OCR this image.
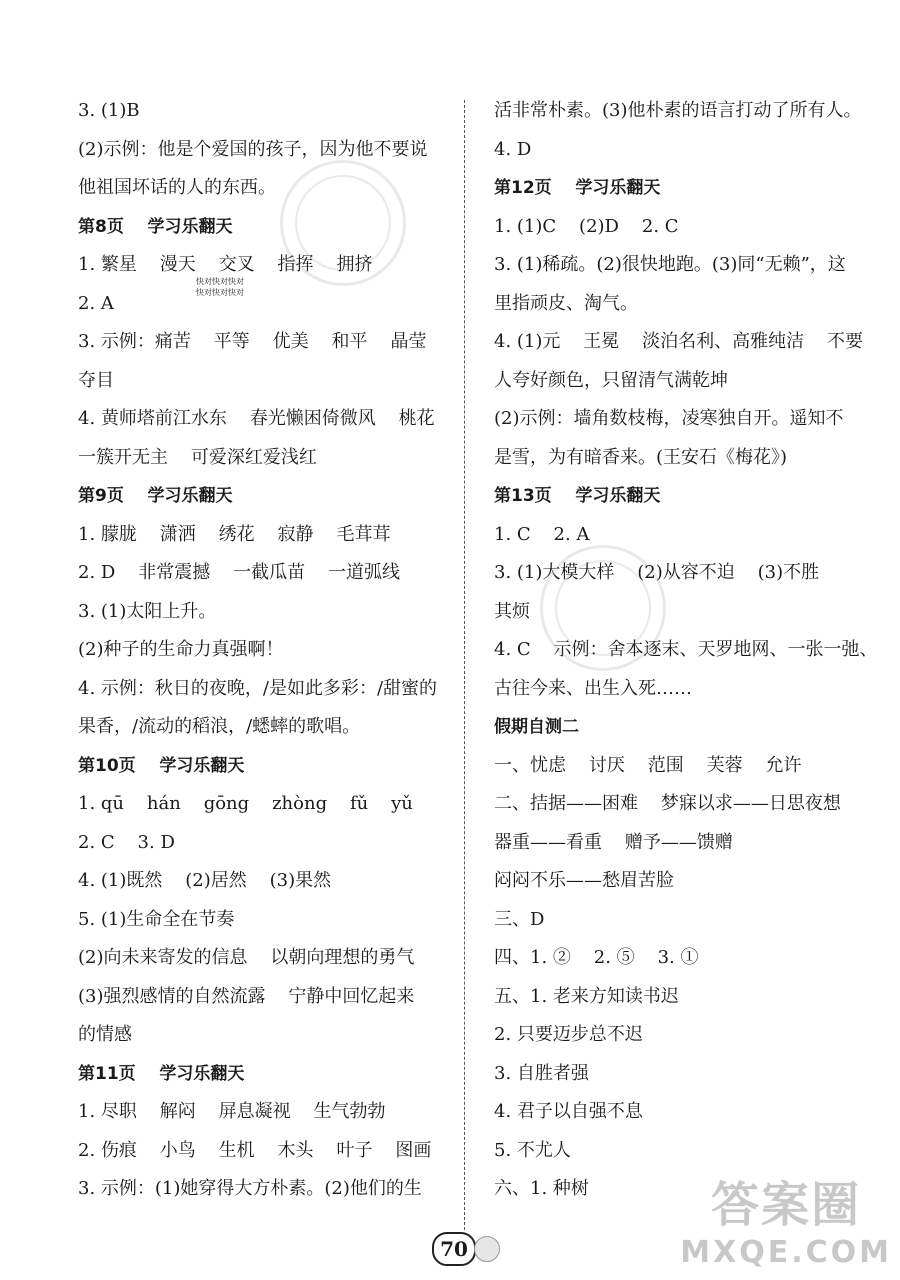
3. (1)B
(2)示例：他是个爱国的孩子，因为他不要说
他祖国坏话的人的东西。
第8页    学习乐翻天
1. 繁星    漫天    交叉    指挥    拥挤
2. A
3. 示例：痛苦    平等    优美    和平    晶莹
夺目
4. 黄师塔前江水东    春光懒困倚微风    桃花
一簇开无主    可爱深红爱浅红
第9页    学习乐翻天
1. 朦胧    潇洒    绣花    寂静    毛茸茸
2. D    非常震撼    一截瓜苗    一道弧线
3. (1)太阳上升。
(2)种子的生命力真强啊！
4. 示例：秋日的夜晚，/是如此多彩：/甜蜜的
果香，/流动的稻浪，/蟋蟀的歌唱。
第10页    学习乐翻天
1. qū    hán    gōng    zhòng    fǔ    yǔ
2. C    3. D
4. (1)既然    (2)居然    (3)果然
5. (1)生命全在节奏
(2)向未来寄发的信息    以朝向理想的勇气
(3)强烈感情的自然流露    宁静中回忆起来
的情感
第11页    学习乐翻天
1. 尽职    解闷    屏息凝视    生气勃勃
2. 伤痕    小鸟    生机    木头    叶子    图画
3. 示例：(1)她穿得大方朴素。(2)他们的生
活非常朴素。(3)他朴素的语言打动了所有人。
4. D
第12页    学习乐翻天
1. (1)C    (2)D    2. C
3. (1)稀疏。(2)很快地跑。(3)同“无赖”，这
里指顽皮、淘气。
4. (1)元    王冕    淡泊名利、高雅纯洁    不要
人夸好颜色，只留清气满乾坤
(2)示例：墙角数枝梅，凌寒独自开。遥知不
是雪，为有暗香来。(王安石《梅花》)
第13页    学习乐翻天
1. C    2. A
3. (1)大模大样    (2)从容不迫    (3)不胜
其烦
4. C    示例：舍本逐末、天罗地网、一张一弛、
古往今来、出生入死……
假期自测二
一、忧虑    讨厌    范围    芙蓉    允许
二、拮据——困难    梦寐以求——日思夜想
器重——看重    赠予——馈赠
闷闷不乐——愁眉苦脸
三、D
四、1. ②    2. ⑤    3. ①
五、1. 老来方知读书迟
2. 只要迈步总不迟
3. 自胜者强
4. 君子以自强不息
5. 不尤人
六、1. 种树
快对快对快对
快对快对快对
70
答案圈
MXQE.COM
